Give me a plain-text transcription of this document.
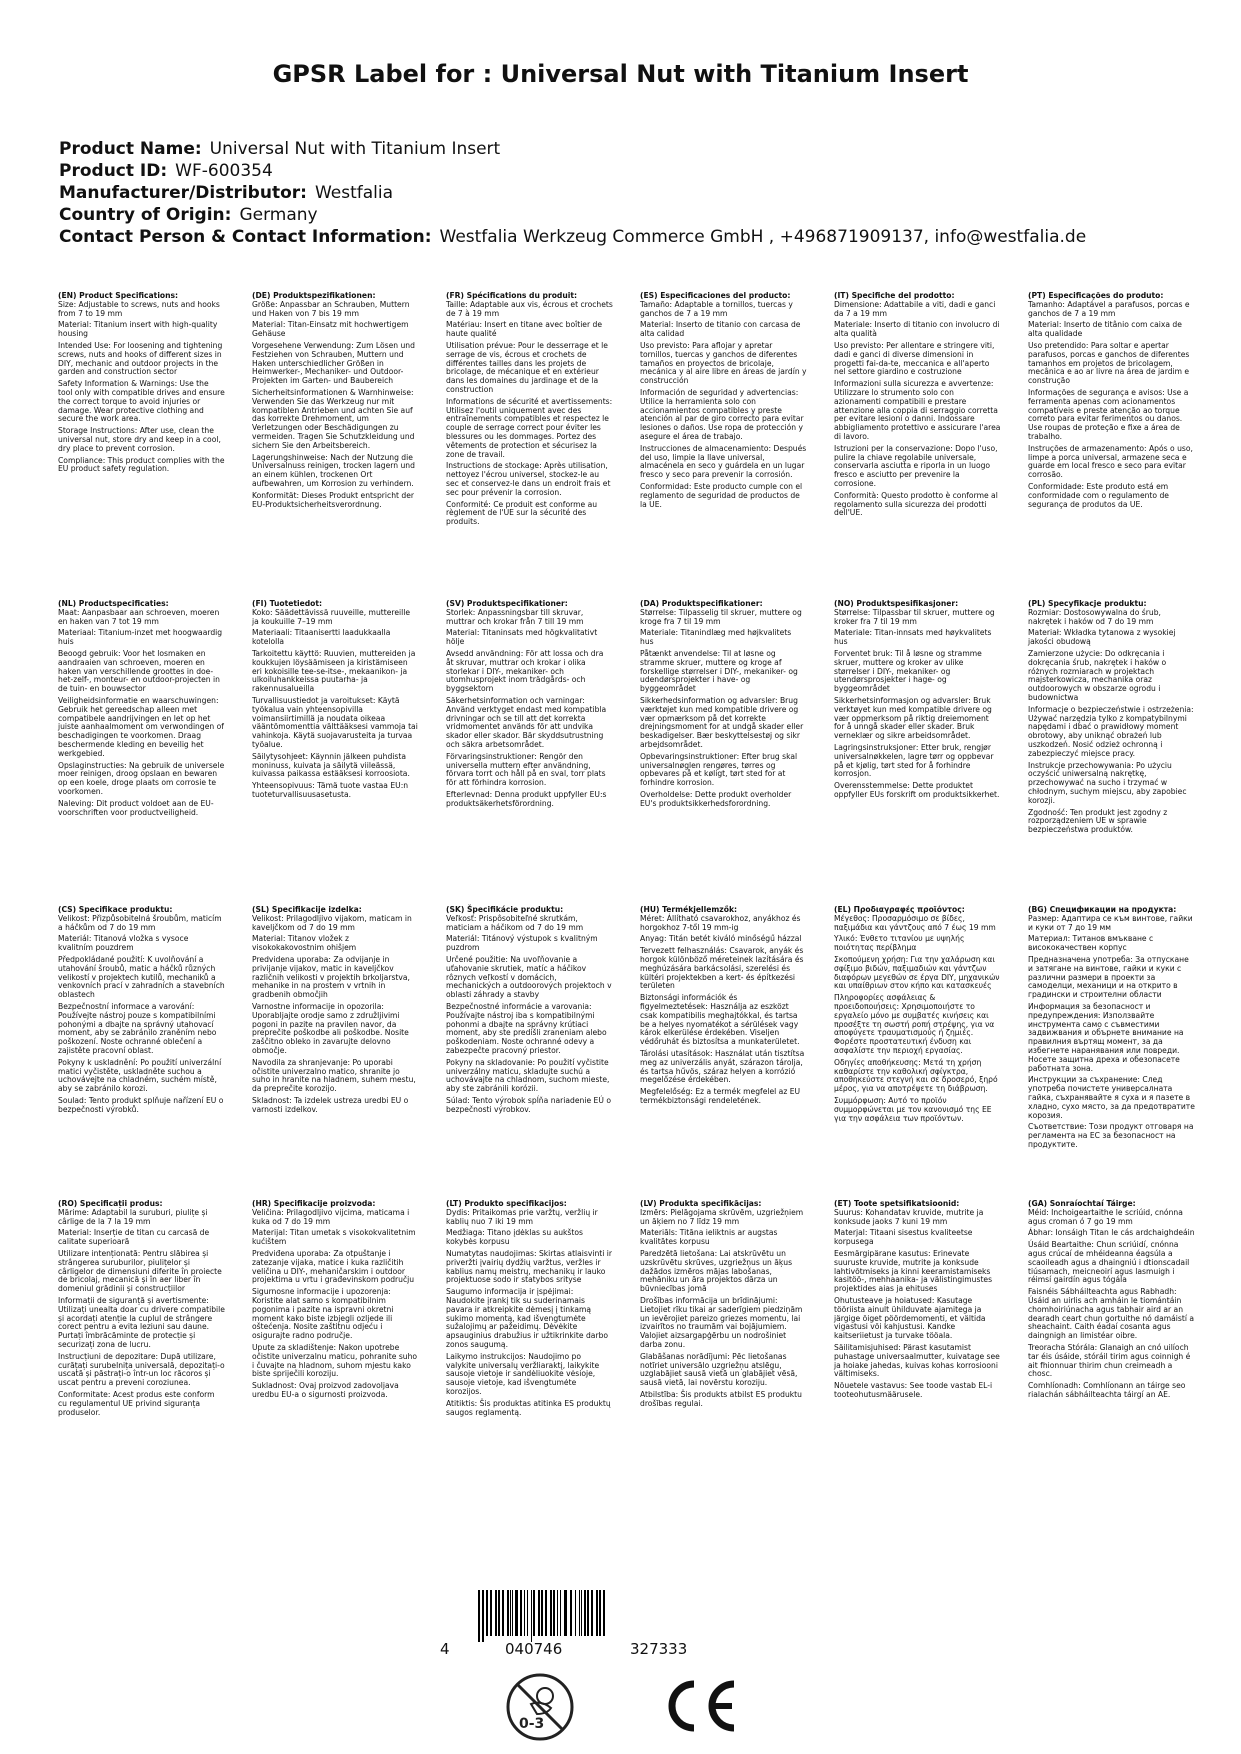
GPSR Label for : Universal Nut with Titanium Insert
Product Name: Universal Nut with Titanium Insert
Product ID: WF-600354
Manufacturer/Distributor: Westfalia
Country of Origin: Germany
Contact Person & Contact Information: Westfalia Werkzeug Commerce GmbH , +496871909137, info@westfalia.de
(EN) Product Specifications:

Size: Adjustable to screws, nuts and hooks from 7 to 19 mm

Material: Titanium insert with high-quality housing

Intended Use: For loosening and tightening screws, nuts and hooks of different sizes in DIY, mechanic and outdoor projects in the garden and construction sector

Safety Information & Warnings: Use the tool only with compatible drives and ensure the correct torque to avoid injuries or damage. Wear protective clothing and secure the work area.

Storage Instructions: After use, clean the universal nut, store dry and keep in a cool, dry place to prevent corrosion.

Compliance: This product complies with the EU product safety regulation.

(DE) Produktspezifikationen:

Größe: Anpassbar an Schrauben, Muttern und Haken von 7 bis 19 mm

Material: Titan-Einsatz mit hochwertigem Gehäuse

Vorgesehene Verwendung: Zum Lösen und Festziehen von Schrauben, Muttern und Haken unterschiedlicher Größen in Heimwerker-, Mechaniker- und Outdoor-Projekten im Garten- und Baubereich

Sicherheitsinformationen & Warnhinweise: Verwenden Sie das Werkzeug nur mit kompatiblen Antrieben und achten Sie auf das korrekte Drehmoment, um Verletzungen oder Beschädigungen zu vermeiden. Tragen Sie Schutzkleidung und sichern Sie den Arbeitsbereich.

Lagerungshinweise: Nach der Nutzung die Universalnuss reinigen, trocken lagern und an einem kühlen, trockenen Ort aufbewahren, um Korrosion zu verhindern.

Konformität: Dieses Produkt entspricht der EU-Produktsicherheitsverordnung.

(FR) Spécifications du produit:

Taille: Adaptable aux vis, écrous et crochets de 7 à 19 mm

Matériau: Insert en titane avec boîtier de haute qualité

Utilisation prévue: Pour le desserrage et le serrage de vis, écrous et crochets de différentes tailles dans les projets de bricolage, de mécanique et en extérieur dans les domaines du jardinage et de la construction

Informations de sécurité et avertissements: Utilisez l'outil uniquement avec des entraînements compatibles et respectez le couple de serrage correct pour éviter les blessures ou les dommages. Portez des vêtements de protection et sécurisez la zone de travail.

Instructions de stockage: Après utilisation, nettoyez l'écrou universel, stockez-le au sec et conservez-le dans un endroit frais et sec pour prévenir la corrosion.

Conformité: Ce produit est conforme au règlement de l'UE sur la sécurité des produits.

(ES) Especificaciones del producto:

Tamaño: Adaptable a tornillos, tuercas y ganchos de 7 a 19 mm

Material: Inserto de titanio con carcasa de alta calidad

Uso previsto: Para aflojar y apretar tornillos, tuercas y ganchos de diferentes tamaños en proyectos de bricolaje, mecánica y al aire libre en áreas de jardín y construcción

Información de seguridad y advertencias: Utilice la herramienta solo con accionamientos compatibles y preste atención al par de giro correcto para evitar lesiones o daños. Use ropa de protección y asegure el área de trabajo.

Instrucciones de almacenamiento: Después del uso, limpie la llave universal, almacénela en seco y guárdela en un lugar fresco y seco para prevenir la corrosión.

Conformidad: Este producto cumple con el reglamento de seguridad de productos de la UE.

(IT) Specifiche del prodotto:

Dimensione: Adattabile a viti, dadi e ganci da 7 a 19 mm

Materiale: Inserto di titanio con involucro di alta qualità

Uso previsto: Per allentare e stringere viti, dadi e ganci di diverse dimensioni in progetti fai-da-te, meccanica e all'aperto nel settore giardino e costruzione

Informazioni sulla sicurezza e avvertenze: Utilizzare lo strumento solo con azionamenti compatibili e prestare attenzione alla coppia di serraggio corretta per evitare lesioni o danni. Indossare abbigliamento protettivo e assicurare l'area di lavoro.

Istruzioni per la conservazione: Dopo l'uso, pulire la chiave regolabile universale, conservarla asciutta e riporla in un luogo fresco e asciutto per prevenire la corrosione.

Conformità: Questo prodotto è conforme al regolamento sulla sicurezza dei prodotti dell'UE.

(PT) Especificações do produto:

Tamanho: Adaptável a parafusos, porcas e ganchos de 7 a 19 mm

Material: Inserto de titânio com caixa de alta qualidade

Uso pretendido: Para soltar e apertar parafusos, porcas e ganchos de diferentes tamanhos em projetos de bricolagem, mecânica e ao ar livre na área de jardim e construção

Informações de segurança e avisos: Use a ferramenta apenas com acionamentos compatíveis e preste atenção ao torque correto para evitar ferimentos ou danos. Use roupas de proteção e fixe a área de trabalho.

Instruções de armazenamento: Após o uso, limpe a porca universal, armazene seca e guarde em local fresco e seco para evitar corrosão.

Conformidade: Este produto está em conformidade com o regulamento de segurança de produtos da UE.

(NL) Productspecificaties:

Maat: Aanpasbaar aan schroeven, moeren en haken van 7 tot 19 mm

Materiaal: Titanium-inzet met hoogwaardig huis

Beoogd gebruik: Voor het losmaken en aandraaien van schroeven, moeren en haken van verschillende groottes in doe-het-zelf-, monteur- en outdoor-projecten in de tuin- en bouwsector

Veiligheidsinformatie en waarschuwingen: Gebruik het gereedschap alleen met compatibele aandrijvingen en let op het juiste aanhaalmoment om verwondingen of beschadigingen te voorkomen. Draag beschermende kleding en beveilig het werkgebied.

Opslaginstructies: Na gebruik de universele moer reinigen, droog opslaan en bewaren op een koele, droge plaats om corrosie te voorkomen.

Naleving: Dit product voldoet aan de EU-voorschriften voor productveiligheid.

(FI) Tuotetiedot:

Koko: Säädettävissä ruuveille, muttereille ja koukuille 7–19 mm

Materiaali: Titaanisertti laadukkaalla kotelolla

Tarkoitettu käyttö: Ruuvien, muttereiden ja koukkujen löysäämiseen ja kiristämiseen eri kokoisille tee-se-itse-, mekaanikon- ja ulkoiluhankkeissa puutarha- ja rakennusalueilla

Turvallisuustiedot ja varoitukset: Käytä työkalua vain yhteensopivilla voimansiirtimillä ja noudata oikeaa vääntömomenttia välttääksesi vammoja tai vahinkoja. Käytä suojavarusteita ja turvaa työalue.

Säilytysohjeet: Käynnin jälkeen puhdista moninuss, kuivata ja säilytä viileässä, kuivassa paikassa estääksesi korroosiota.

Yhteensopivuus: Tämä tuote vastaa EU:n tuoteturvallisuusasetusta.

(SV) Produktspecifikationer:

Storlek: Anpassningsbar till skruvar, muttrar och krokar från 7 till 19 mm

Material: Titaninsats med högkvalitativt hölje

Avsedd användning: För att lossa och dra åt skruvar, muttrar och krokar i olika storlekar i DIY-, mekaniker- och utomhusprojekt inom trädgårds- och byggsektorn

Säkerhetsinformation och varningar: Använd verktyget endast med kompatibla drivningar och se till att det korrekta vridmomentet används för att undvika skador eller skador. Bär skyddsutrustning och säkra arbetsområdet.

Förvaringsinstruktioner: Rengör den universella muttern efter användning, förvara torrt och håll på en sval, torr plats för att förhindra korrosion.

Efterlevnad: Denna produkt uppfyller EU:s produktsäkerhetsförordning.

(DA) Produktspecifikationer:

Størrelse: Tilpasselig til skruer, muttere og kroge fra 7 til 19 mm

Materiale: Titanindlæg med højkvalitets hus

Påtænkt anvendelse: Til at løsne og stramme skruer, muttere og kroge af forskellige størrelser i DIY-, mekaniker- og udendørsprojekter i have- og byggeområdet

Sikkerhedsinformation og advarsler: Brug værktøjet kun med kompatible drivere og vær opmærksom på det korrekte drejningsmoment for at undgå skader eller beskadigelser. Bær beskyttelsestøj og sikr arbejdsområdet.

Opbevaringsinstruktioner: Efter brug skal universalnøglen rengøres, tørres og opbevares på et køligt, tørt sted for at forhindre korrosion.

Overholdelse: Dette produkt overholder EU's produktsikkerhedsforordning.

(NO) Produktspesifikasjoner:

Størrelse: Tilpassbar til skruer, muttere og kroker fra 7 til 19 mm

Materiale: Titan-innsats med høykvalitets hus

Forventet bruk: Til å løsne og stramme skruer, muttere og kroker av ulike størrelser i DIY-, mekaniker- og utendørsprosjekter i hage- og byggeområdet

Sikkerhetsinformasjon og advarsler: Bruk verktøyet kun med kompatible drivere og vær oppmerksom på riktig dreiemoment for å unngå skader eller skader. Bruk verneklær og sikre arbeidsområdet.

Lagringsinstruksjoner: Etter bruk, rengjør universalnøkkelen, lagre tørr og oppbevar på et kjølig, tørt sted for å forhindre korrosjon.

Overensstemmelse: Dette produktet oppfyller EUs forskrift om produktsikkerhet.

(PL) Specyfikacje produktu:

Rozmiar: Dostosowywalna do śrub, nakrętek i haków od 7 do 19 mm

Materiał: Wkładka tytanowa z wysokiej jakości obudową

Zamierzone użycie: Do odkręcania i dokręcania śrub, nakrętek i haków o różnych rozmiarach w projektach majsterkowicza, mechanika oraz outdoorowych w obszarze ogrodu i budownictwa

Informacje o bezpieczeństwie i ostrzeżenia: Używać narzędzia tylko z kompatybilnymi napędami i dbać o prawidłowy moment obrotowy, aby uniknąć obrażeń lub uszkodzeń. Nosić odzież ochronną i zabezpieczyć miejsce pracy.

Instrukcje przechowywania: Po użyciu oczyścić uniwersalną nakrętkę, przechowywać na sucho i trzymać w chłodnym, suchym miejscu, aby zapobiec korozji.

Zgodność: Ten produkt jest zgodny z rozporządzeniem UE w sprawie bezpieczeństwa produktów.

(CS) Specifikace produktu:

Velikost: Přizpůsobitelná šroubům, maticím a háčkům od 7 do 19 mm

Materiál: Titanová vložka s vysoce kvalitním pouzdrem

Předpokládané použití: K uvolňování a utahování šroubů, matic a háčků různých velikostí v projektech kutilů, mechaniků a venkovních prací v zahradních a stavebních oblastech

Bezpečnostní informace a varování: Používejte nástroj pouze s kompatibilními pohonými a dbajte na správný utahovací moment, aby se zabránilo zraněním nebo poškození. Noste ochranné oblečení a zajistěte pracovní oblast.

Pokyny k uskladnění: Po použití univerzální matici vyčistěte, uskladněte suchou a uchovávejte na chladném, suchém místě, aby se zabránilo korozi.

Soulad: Tento produkt splňuje nařízení EU o bezpečnosti výrobků.

(SL) Specifikacije izdelka:

Velikost: Prilagodljivo vijakom, maticam in kaveljčkom od 7 do 19 mm

Material: Titanov vložek z visokokakovostnim ohišjem

Predvidena uporaba: Za odvijanje in privijanje vijakov, matic in kaveljčkov različnih velikosti v projektih brkoljarstva, mehanike in na prostem v vrtnih in gradbenih območjih

Varnostne informacije in opozorila: Uporabljajte orodje samo z združljivimi pogoni in pazite na pravilen navor, da preprečite poškodbe ali poškodbe. Nosite zaščitno obleko in zavarujte delovno območje.

Navodila za shranjevanje: Po uporabi očistite univerzalno matico, shranite jo suho in hranite na hladnem, suhem mestu, da preprečite korozijo.

Skladnost: Ta izdelek ustreza uredbi EU o varnosti izdelkov.

(SK) Špecifikácie produktu:

Veľkosť: Prispôsobiteľné skrutkám, maticiam a háčikom od 7 do 19 mm

Materiál: Titánový výstupok s kvalitným puzdrom

Určené použitie: Na uvoľňovanie a uťahovanie skrutiek, matíc a háčikov rôznych veľkostí v domácich, mechanických a outdoorových projektoch v oblasti záhrady a stavby

Bezpečnostné informácie a varovania: Používajte nástroj iba s kompatibilnými pohonmi a dbajte na správny krútiaci moment, aby ste predišli zraneniam alebo poškodeniam. Noste ochranné odevy a zabezpečte pracovný priestor.

Pokyny na skladovanie: Po použití vyčistite univerzálny maticu, skladujte suchú a uchovávajte na chladnom, suchom mieste, aby ste zabránili korózii.

Súlad: Tento výrobok spĺňa nariadenie EÚ o bezpečnosti výrobkov.

(HU) Termékjellemzők:

Méret: Állítható csavarokhoz, anyákhoz és horgokhoz 7-től 19 mm-ig

Anyag: Titán betét kiváló minőségű házzal

Tervezett felhasználás: Csavarok, anyák és horgok különböző méreteinek lazítására és meghúzására barkácsolási, szerelési és kültéri projektekben a kert- és építkezési területen

Biztonsági információk és figyelmeztetések: Használja az eszközt csak kompatibilis meghajtókkal, és tartsa be a helyes nyomatékot a sérülések vagy károk elkerülése érdekében. Viseljen védőruhát és biztosítsa a munkaterületet.

Tárolási utasítások: Használat után tisztítsa meg az univerzális anyát, szárazon tárolja, és tartsa hűvös, száraz helyen a korrózió megelőzése érdekében.

Megfelelőség: Ez a termék megfelel az EU termékbiztonsági rendeletének.

(EL) Προδιαγραφές προϊόντος:

Μέγεθος: Προσαρμόσιμο σε βίδες, παξιμάδια και γάντζους από 7 έως 19 mm

Υλικό: Ένθετο τιτανίου με υψηλής ποιότητας περίβλημα

Σκοπούμενη χρήση: Για την χαλάρωση και σφίξιμο βιδών, παξιμαδιών και γάντζων διαφόρων μεγεθών σε έργα DIY, μηχανικών και υπαίθριων στον κήπο και κατασκευές

Πληροφορίες ασφάλειας & προειδοποιήσεις: Χρησιμοποιήστε το εργαλείο μόνο με συμβατές κινήσεις και προσέξτε τη σωστή ροπή στρέψης, για να αποφύγετε τραυματισμούς ή ζημιές. Φορέστε προστατευτική ένδυση και ασφαλίστε την περιοχή εργασίας.

Οδηγίες αποθήκευσης: Μετά τη χρήση καθαρίστε την καθολική σφίγκτρα, αποθηκεύστε στεγνή και σε δροσερό, ξηρό μέρος, για να αποτρέψετε τη διάβρωση.

Συμμόρφωση: Αυτό το προϊόν συμμορφώνεται με τον κανονισμό της ΕΕ για την ασφάλεια των προϊόντων.

(BG) Спецификации на продукта:

Размер: Адаптира се към винтове, гайки и куки от 7 до 19 мм

Материал: Титанов вмъкване с висококачествен корпус

Предназначена употреба: За отпускане и затягане на винтове, гайки и куки с различни размери в проекти за самоделци, механици и на открито в градински и строителни области

Информация за безопасност и предупреждения: Използвайте инструмента само с съвместими задвижвания и обърнете внимание на правилния въртящ момент, за да избегнете наранявания или повреди. Носете защитна дреха и обезопасете работната зона.

Инструкции за съхранение: След употреба почистете универсалната гайка, съхранявайте я суха и я пазете в хладно, сухо място, за да предотвратите корозия.

Съответствие: Този продукт отговаря на регламента на ЕС за безопасност на продуктите.

(RO) Specificații produs:

Mărime: Adaptabil la suruburi, piulițe și cârlige de la 7 la 19 mm

Material: Inserție de titan cu carcasă de calitate superioară

Utilizare intenționată: Pentru slăbirea și strângerea suruburilor, piulițelor și cârligelor de dimensiuni diferite în proiecte de bricolaj, mecanică și în aer liber în domeniul grădinii și construcțiilor

Informații de siguranță și avertismente: Utilizați unealta doar cu drivere compatibile și acordați atenție la cuplul de strângere corect pentru a evita leziuni sau daune. Purtați îmbrăcăminte de protecție și securizați zona de lucru.

Instrucțiuni de depozitare: După utilizare, curățați surubelnița universală, depozitați-o uscată și păstrați-o într-un loc răcoros și uscat pentru a preveni coroziunea.

Conformitate: Acest produs este conform cu regulamentul UE privind siguranța produselor.

(HR) Specifikacije proizvoda:

Veličina: Prilagodljivo vijcima, maticama i kuka od 7 do 19 mm

Materijal: Titan umetak s visokokvalitetnim kućištem

Predviđena uporaba: Za otpuštanje i zatezanje vijaka, matice i kuka različitih veličina u DIY-, mehaničarskim i outdoor projektima u vrtu i građevinskom području

Sigurnosne informacije i upozorenja: Koristite alat samo s kompatibilnim pogonima i pazite na ispravni okretni moment kako biste izbjegli ozljede ili oštećenja. Nosite zaštitnu odjeću i osigurajte radno područje.

Upute za skladištenje: Nakon upotrebe očistite univerzalnu maticu, pohranite suho i čuvajte na hladnom, suhom mjestu kako biste spriječili koroziju.

Sukladnost: Ovaj proizvod zadovoljava uredbu EU-a o sigurnosti proizvoda.

(LT) Produkto specifikacijos:

Dydis: Pritaikomas prie varžtų, veržlių ir kablių nuo 7 iki 19 mm

Medžiaga: Titano įdėklas su aukštos kokybės korpusu

Numatytas naudojimas: Skirtas atlaisvinti ir priveržti įvairių dydžių varžtus, veržles ir kablius namų meistrų, mechanikų ir lauko projektuose sodo ir statybos srityse

Saugumo informacija ir įspėjimai: Naudokite įrankį tik su suderinamais pavara ir atkreipkite dėmesį į tinkamą sukimo momentą, kad išvengtumėte sužalojimų ar pažeidimų. Dėvėkite apsauginius drabužius ir užtikrinkite darbo zonos saugumą.

Laikymo instrukcijos: Naudojimo po valykite universalų veržliaraktį, laikykite sausoje vietoje ir sandėliuokite vėsioje, sausoje vietoje, kad išvengtumėte korozijos.

Atitiktis: Šis produktas atitinka ES produktų saugos reglamentą.

(LV) Produkta specifikācijas:

Izmērs: Pielāgojama skrūvēm, uzgriežņiem un āķiem no 7 līdz 19 mm

Materiāls: Titāna ieliktnis ar augstas kvalitātes korpusu

Paredzētā lietošana: Lai atskrūvētu un uzskrūvētu skrūves, uzgriežņus un āķus dažādos izmēros mājas labošanas, mehāniku un āra projektos dārza un būvniecības jomā

Drošības informācija un brīdinājumi: Lietojiet rīku tikai ar saderīgiem piedziņām un ievērojiet pareizo griezes momentu, lai izvairītos no traumām vai bojājumiem. Valojiet aizsargapģērbu un nodrošiniet darba zonu.

Glabāšanas norādījumi: Pēc lietošanas notīriet universālo uzgriežņu atslēgu, uzglabājiet sausā vietā un glabājiet vēsā, sausā vietā, lai novērstu koroziju.

Atbilstība: Šis produkts atbilst ES produktu drošības regulai.

(ET) Toote spetsifikatsioonid:

Suurus: Kohandatav kruvide, mutrite ja konksude jaoks 7 kuni 19 mm

Materjal: Titaani sisestus kvaliteetse korpusega

Eesmärgipärane kasutus: Erinevate suuruste kruvide, mutrite ja konksude lahtivõtmiseks ja kinni keeramistamiseks kasitöö-, mehhaanika- ja välistingimustes projektides aias ja ehituses

Ohutusteave ja hoiatused: Kasutage tööriista ainult ühilduvate ajamitega ja järgige õiget pöördemomenti, et vältida vigastusi või kahjustusi. Kandke kaitseriietust ja turvake tööala.

Säilitamisjuhised: Pärast kasutamist puhastage universaalmutter, kuivatage see ja hoiake jahedas, kuivas kohas korrosiooni vältimiseks.

Nõuetele vastavus: See toode vastab EL-i tooteohutusmäärusele.

(GA) Sonraíochtaí Táirge:

Méid: Inchoigeartaithe le scriúid, cnónna agus croman ó 7 go 19 mm

Ábhar: Ionsáigh Titan le cás ardchaighdeáin

Úsáid Beartaithe: Chun scriúidí, cnónna agus crúcaí de mhéideanna éagsúla a scaoileadh agus a dhaingniú i dtionscadail tiúsamach, meicneoirí agus lasmuigh i réimsí gairdín agus tógála

Faisnéis Sábháilteachta agus Rabhadh: Úsáid an uirlis ach amháin le tiomántáin chomhoiriúnacha agus tabhair aird ar an dearadh ceart chun gortuithe nó damáistí a sheachaint. Caith éadaí cosanta agus daingnigh an limistéar oibre.

Treoracha Stórála: Glanaigh an cnó uilíoch tar éis úsáide, stóráil tirim agus coinnigh é ait fhionnuar thirim chun creimeadh a chosc.

Comhlíonadh: Comhlíonann an táirge seo rialachán sábháilteachta táirgí an AE.

4	040746	327333
0-3
